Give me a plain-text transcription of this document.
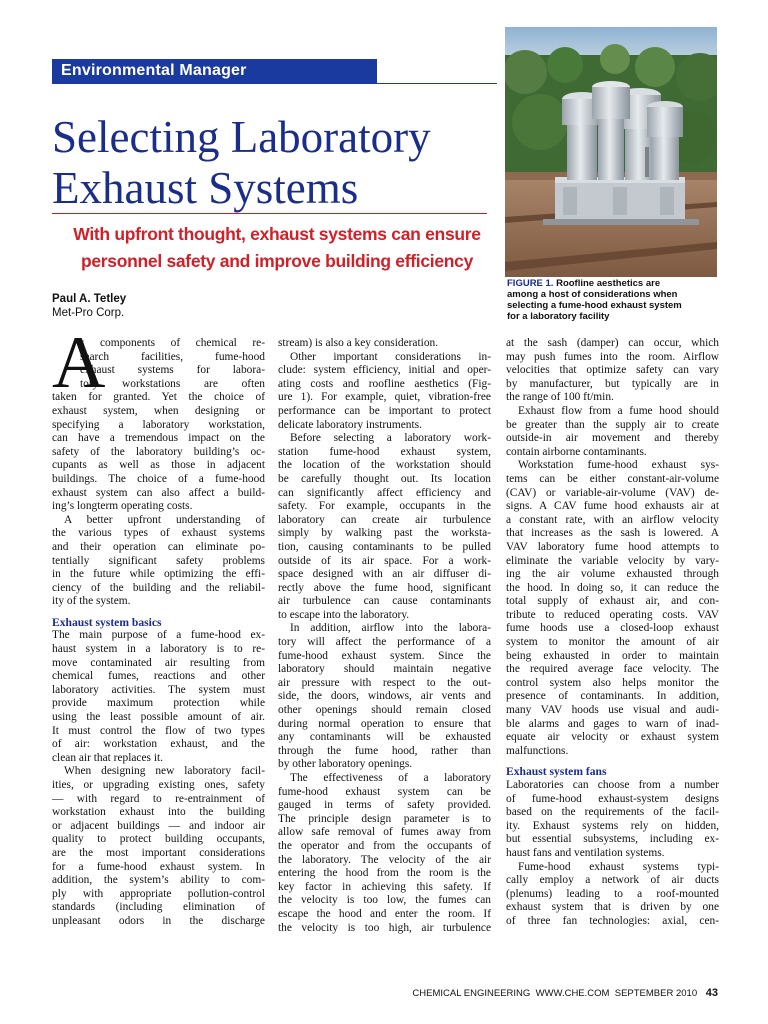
Environmental Manager
Selecting Laboratory
Exhaust Systems
With upfront thought, exhaust systems can ensure
personnel safety and improve building efficiency
Paul A. Tetley
Met-Pro Corp.
FIGURE 1. Roofline aesthetics are
among a host of considerations when
selecting a fume-hood exhaust system
for a laboratory facility
A
s components of chemical re-
search facilities, fume-hood
exhaust systems for labora-
tory workstations are often
taken for granted. Yet the choice of
exhaust system, when designing or
specifying a laboratory workstation,
can have a tremendous impact on the
safety of the laboratory building’s oc-
cupants as well as those in adjacent
buildings. The choice of a fume-hood
exhaust system can also affect a build-
ing’s longterm operating costs.
A better upfront understanding of
the various types of exhaust systems
and their operation can eliminate po-
tentially significant safety problems
in the future while optimizing the effi-
ciency of the building and the reliabil-
ity of the system.
Exhaust system basics
The main purpose of a fume-hood ex-
haust system in a laboratory is to re-
move contaminated air resulting from
chemical fumes, reactions and other
laboratory activities. The system must
provide maximum protection while
using the least possible amount of air.
It must control the flow of two types
of air: workstation exhaust, and the
clean air that replaces it.
When designing new laboratory facil-
ities, or upgrading existing ones, safety
— with regard to re-entrainment of
workstation exhaust into the building
or adjacent buildings — and indoor air
quality to protect building occupants,
are the most important considerations
for a fume-hood exhaust system. In
addition, the system’s ability to com-
ply with appropriate pollution-control
standards (including elimination of
unpleasant odors in the discharge
stream) is also a key consideration.
Other important considerations in-
clude: system efficiency, initial and oper-
ating costs and roofline aesthetics (Fig-
ure 1). For example, quiet, vibration-free
performance can be important to protect
delicate laboratory instruments.
Before selecting a laboratory work-
station fume-hood exhaust system,
the location of the workstation should
be carefully thought out. Its location
can significantly affect efficiency and
safety. For example, occupants in the
laboratory can create air turbulence
simply by walking past the worksta-
tion, causing contaminants to be pulled
outside of its air space. For a work-
space designed with an air diffuser di-
rectly above the fume hood, significant
air turbulence can cause contaminants
to escape into the laboratory.
In addition, airflow into the labora-
tory will affect the performance of a
fume-hood exhaust system. Since the
laboratory should maintain negative
air pressure with respect to the out-
side, the doors, windows, air vents and
other openings should remain closed
during normal operation to ensure that
any contaminants will be exhausted
through the fume hood, rather than
by other laboratory openings.
The effectiveness of a laboratory
fume-hood exhaust system can be
gauged in terms of safety provided.
The principle design parameter is to
allow safe removal of fumes away from
the operator and from the occupants of
the laboratory. The velocity of the air
entering the hood from the room is the
key factor in achieving this safety. If
the velocity is too low, the fumes can
escape the hood and enter the room. If
the velocity is too high, air turbulence
at the sash (damper) can occur, which
may push fumes into the room. Airflow
velocities that optimize safety can vary
by manufacturer, but typically are in
the range of 100 ft/min.
Exhaust flow from a fume hood should
be greater than the supply air to create
outside-in air movement and thereby
contain airborne contaminants.
Workstation fume-hood exhaust sys-
tems can be either constant-air-volume
(CAV) or variable-air-volume (VAV) de-
signs. A CAV fume hood exhausts air at
a constant rate, with an airflow velocity
that increases as the sash is lowered. A
VAV laboratory fume hood attempts to
eliminate the variable velocity by vary-
ing the air volume exhausted through
the hood. In doing so, it can reduce the
total supply of exhaust air, and con-
tribute to reduced operating costs. VAV
fume hoods use a closed-loop exhaust
system to monitor the amount of air
being exhausted in order to maintain
the required average face velocity. The
control system also helps monitor the
presence of contaminants. In addition,
many VAV hoods use visual and audi-
ble alarms and gages to warn of inad-
equate air velocity or exhaust system
malfunctions.
Exhaust system fans
Laboratories can choose from a number
of fume-hood exhaust-system designs
based on the requirements of the facil-
ity. Exhaust systems rely on hidden,
but essential subsystems, including ex-
haust fans and ventilation systems.
Fume-hood exhaust systems typi-
cally employ a network of air ducts
(plenums) leading to a roof-mounted
exhaust system that is driven by one
of three fan technologies: axial, cen-
CHEMICAL ENGINEERING WWW.CHE.COM SEPTEMBER 2010 43
